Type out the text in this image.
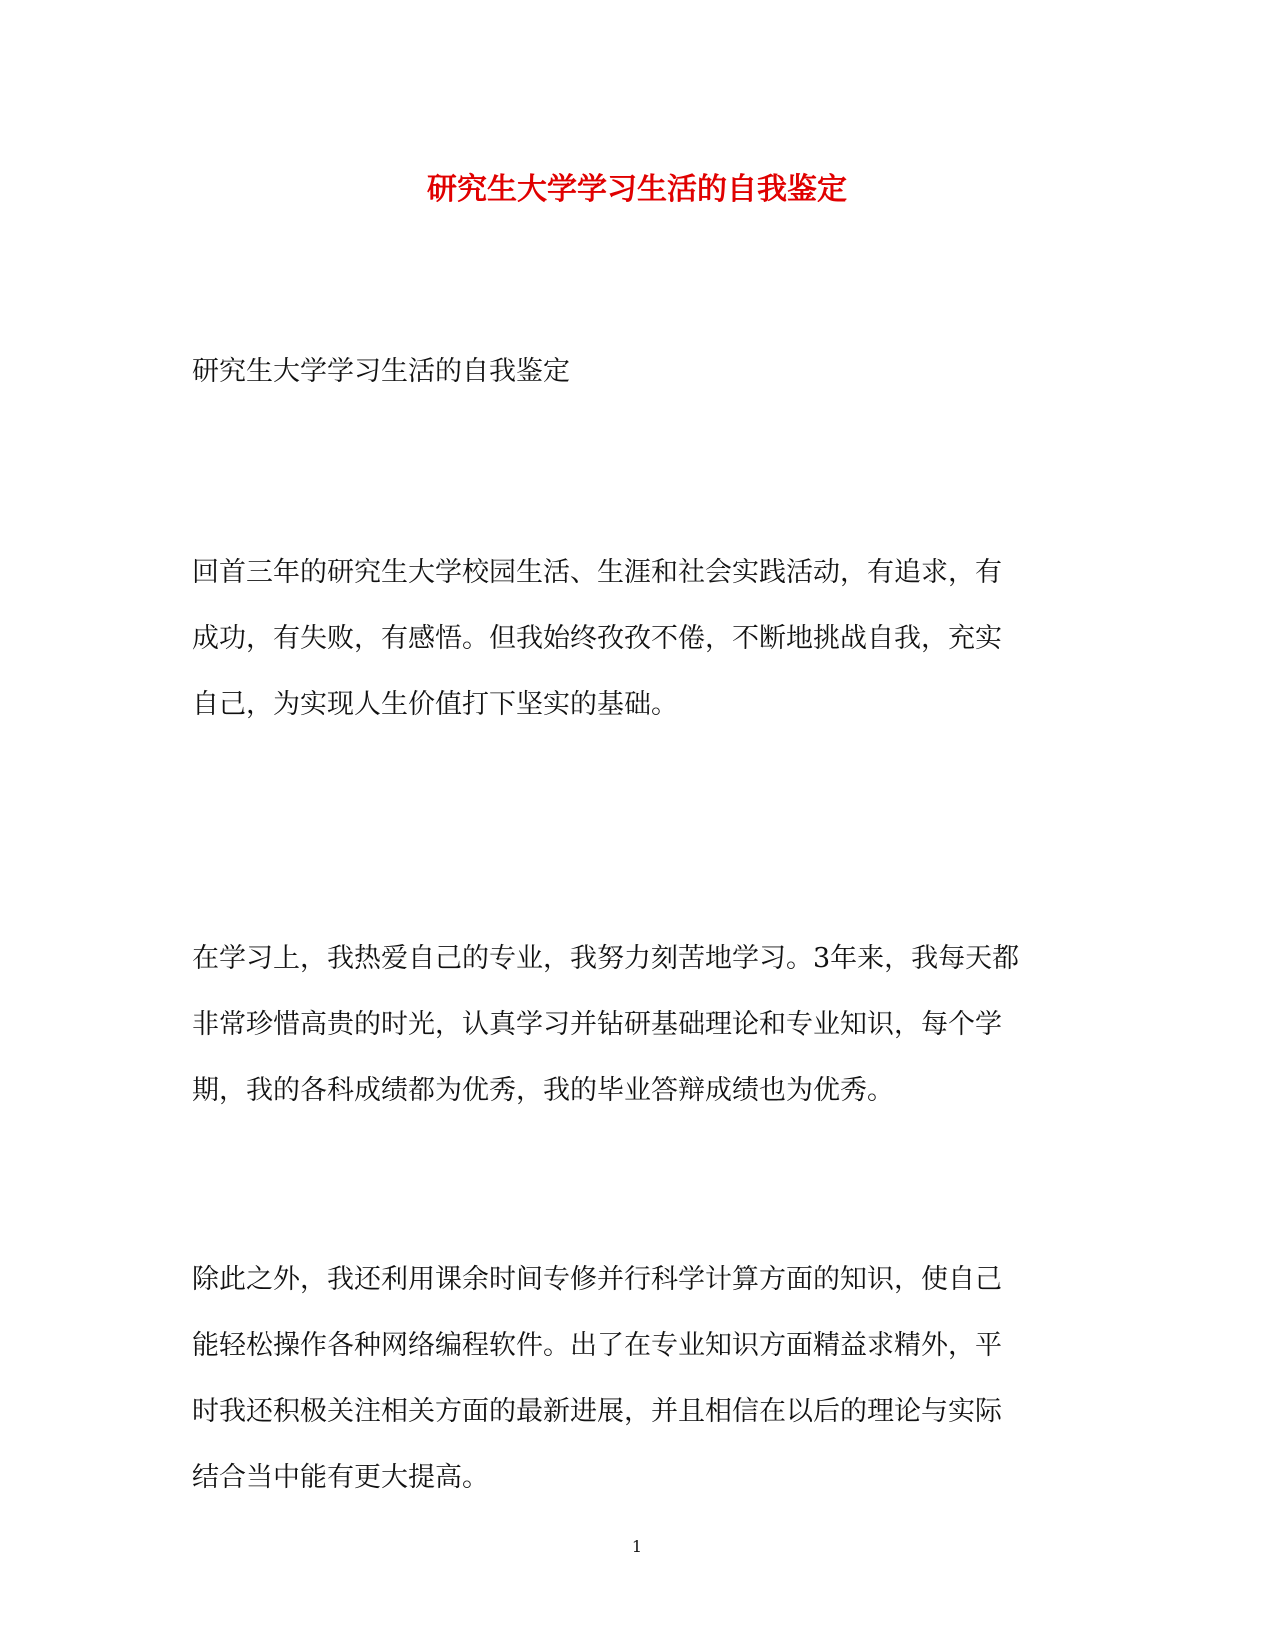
研究生大学学习生活的自我鉴定

研究生大学学习生活的自我鉴定

回首三年的研究生大学校园生活、生涯和社会实践活动，有追求，有
成功，有失败，有感悟。但我始终孜孜不倦，不断地挑战自我，充实
自己，为实现人生价值打下坚实的基础。

在学习上，我热爱自己的专业，我努力刻苦地学习。3年来，我每天都
非常珍惜高贵的时光，认真学习并钻研基础理论和专业知识，每个学
期，我的各科成绩都为优秀，我的毕业答辩成绩也为优秀。

除此之外，我还利用课余时间专修并行科学计算方面的知识，使自己
能轻松操作各种网络编程软件。出了在专业知识方面精益求精外，平
时我还积极关注相关方面的最新进展，并且相信在以后的理论与实际
结合当中能有更大提高。

1
